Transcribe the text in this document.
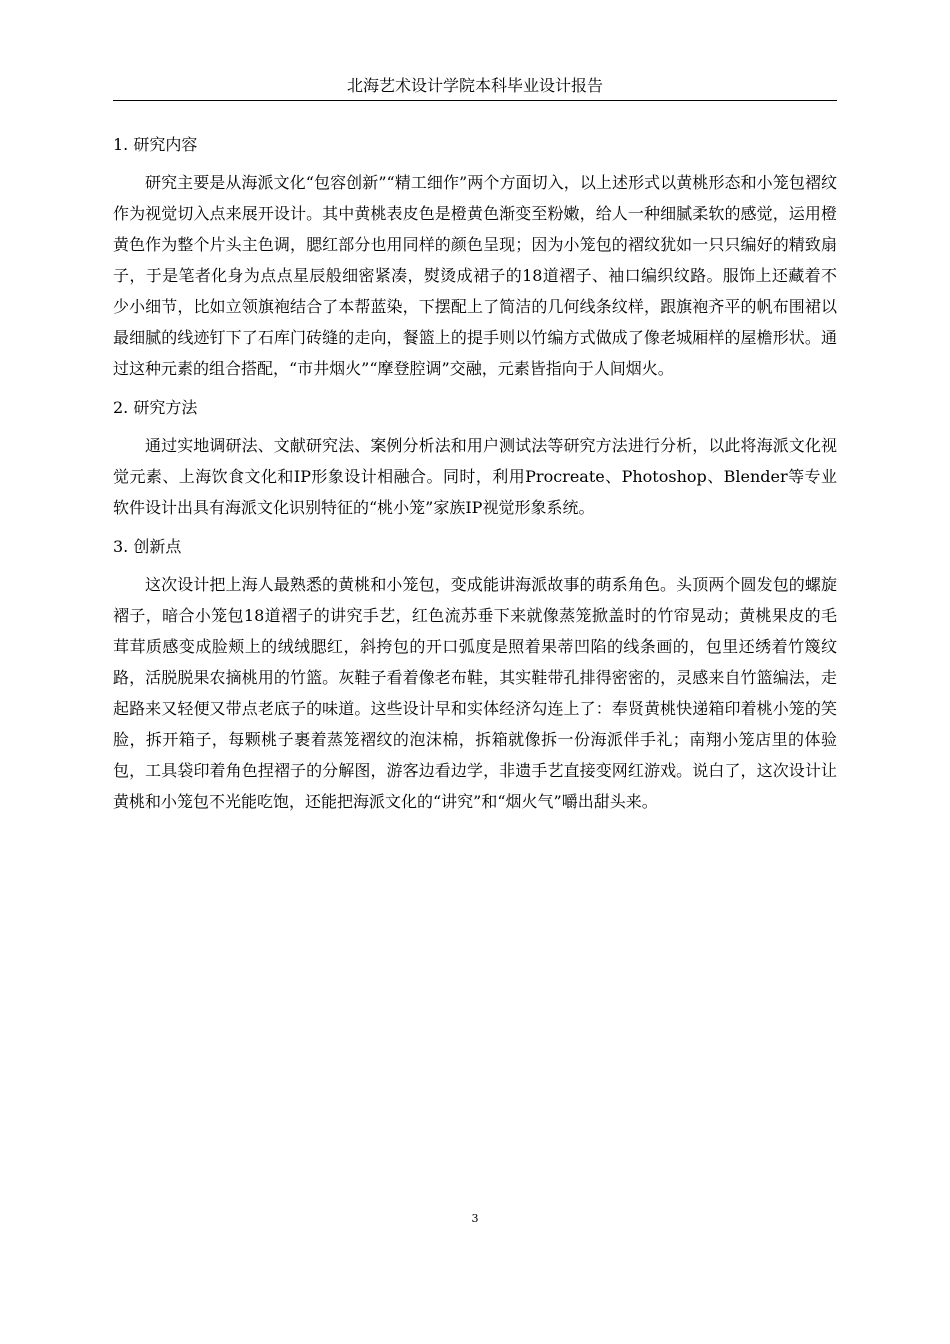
北海艺术设计学院本科毕业设计报告
1. 研究内容

研究主要是从海派文化“包容创新”“精工细作”两个方面切入，以上述形式以黄桃形态和小笼包褶纹作为视觉切入点来展开设计。其中黄桃表皮色是橙黄色渐变至粉嫩，给人一种细腻柔软的感觉，运用橙黄色作为整个片头主色调，腮红部分也用同样的颜色呈现；因为小笼包的褶纹犹如一只只编好的精致扇子，于是笔者化身为点点星辰般细密紧凑，熨烫成裙子的18道褶子、袖口编织纹路。服饰上还藏着不少小细节，比如立领旗袍结合了本帮蓝染，下摆配上了简洁的几何线条纹样，跟旗袍齐平的帆布围裙以最细腻的线迹钉下了石库门砖缝的走向，餐篮上的提手则以竹编方式做成了像老城厢样的屋檐形状。通过这种元素的组合搭配，“市井烟火”“摩登腔调”交融，元素皆指向于人间烟火。

2. 研究方法

通过实地调研法、文献研究法、案例分析法和用户测试法等研究方法进行分析，以此将海派文化视觉元素、上海饮食文化和IP形象设计相融合。同时，利用Procreate、Photoshop、Blender等专业软件设计出具有海派文化识别特征的“桃小笼”家族IP视觉形象系统。

3. 创新点

这次设计把上海人最熟悉的黄桃和小笼包，变成能讲海派故事的萌系角色。头顶两个圆发包的螺旋褶子，暗合小笼包18道褶子的讲究手艺，红色流苏垂下来就像蒸笼掀盖时的竹帘晃动；黄桃果皮的毛茸茸质感变成脸颊上的绒绒腮红，斜挎包的开口弧度是照着果蒂凹陷的线条画的，包里还绣着竹篾纹路，活脱脱果农摘桃用的竹篮。灰鞋子看着像老布鞋，其实鞋带孔排得密密的，灵感来自竹篮编法，走起路来又轻便又带点老底子的味道。这些设计早和实体经济勾连上了：奉贤黄桃快递箱印着桃小笼的笑脸，拆开箱子，每颗桃子裹着蒸笼褶纹的泡沫棉，拆箱就像拆一份海派伴手礼；南翔小笼店里的体验包，工具袋印着角色捏褶子的分解图，游客边看边学，非遗手艺直接变网红游戏。说白了，这次设计让黄桃和小笼包不光能吃饱，还能把海派文化的“讲究”和“烟火气”嚼出甜头来。

3
